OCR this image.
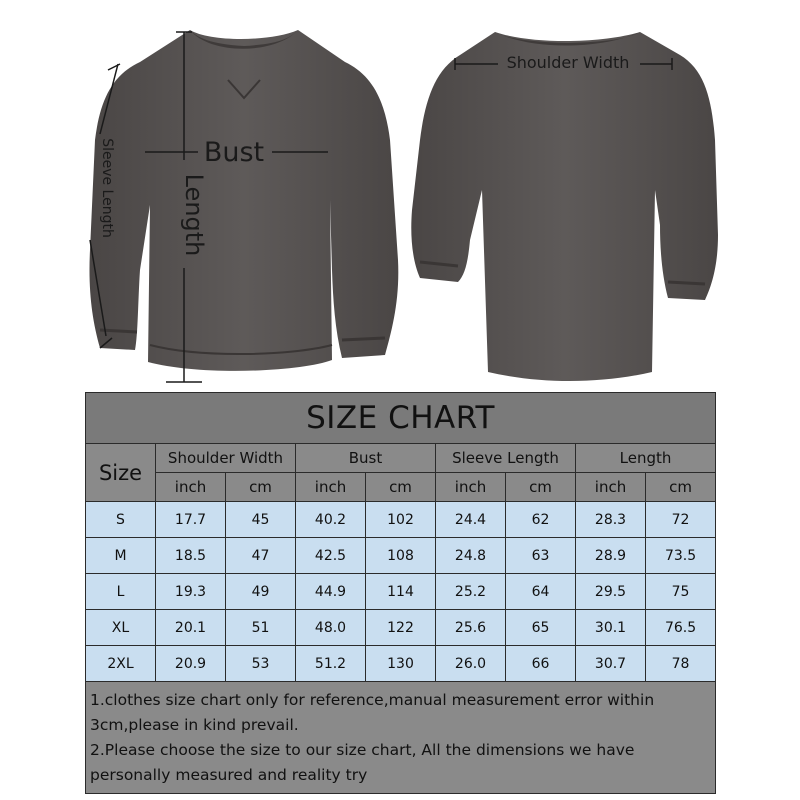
Shoulder Width
Bust
Length
Sleeve Length
SIZE CHART								
Size	Shoulder Width		Bust		Sleeve Length		Length	
	inch	cm	inch	cm	inch	cm	inch	cm
S	17.7	45	40.2	102	24.4	62	28.3	72
M	18.5	47	42.5	108	24.8	63	28.9	73.5
L	19.3	49	44.9	114	25.2	64	29.5	75
XL	20.1	51	48.0	122	25.6	65	30.1	76.5
2XL	20.9	53	51.2	130	26.0	66	30.7	78

1.clothes size chart only for reference,manual measurement error within 3cm,please in kind prevail.

2.Please choose the size to our size chart, All the dimensions we have personally measured and reality try								
